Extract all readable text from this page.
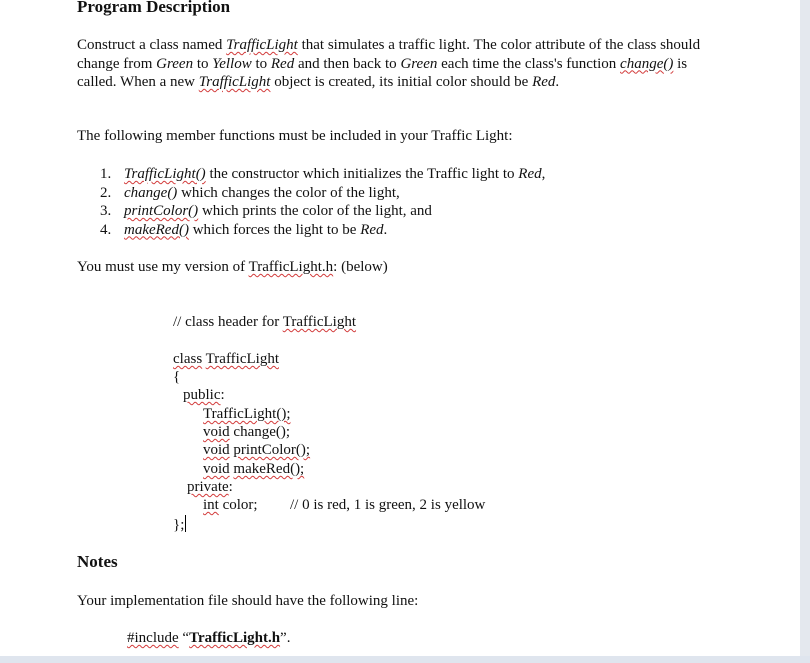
Program Description
Construct a class named TrafficLight that simulates a traffic light. The color attribute of the class should change from Green to Yellow to Red and then back to Green each time the class's function change() is called. When a new TrafficLight object is created, its initial color should be Red.
The following member functions must be included in your Traffic Light:
1. TrafficLight() the constructor which initializes the Traffic light to Red,
2. change() which changes the color of the light,
3. printColor() which prints the color of the light, and
4. makeRed() which forces the light to be Red.
You must use my version of TrafficLight.h: (below)
// class header for TrafficLight
class TrafficLight
{
public:
TrafficLight();
void change();
void printColor();
void makeRed();
private:
int color; // 0 is red, 1 is green, 2 is yellow
};
Notes
Your implementation file should have the following line:
#include “TrafficLight.h”.
